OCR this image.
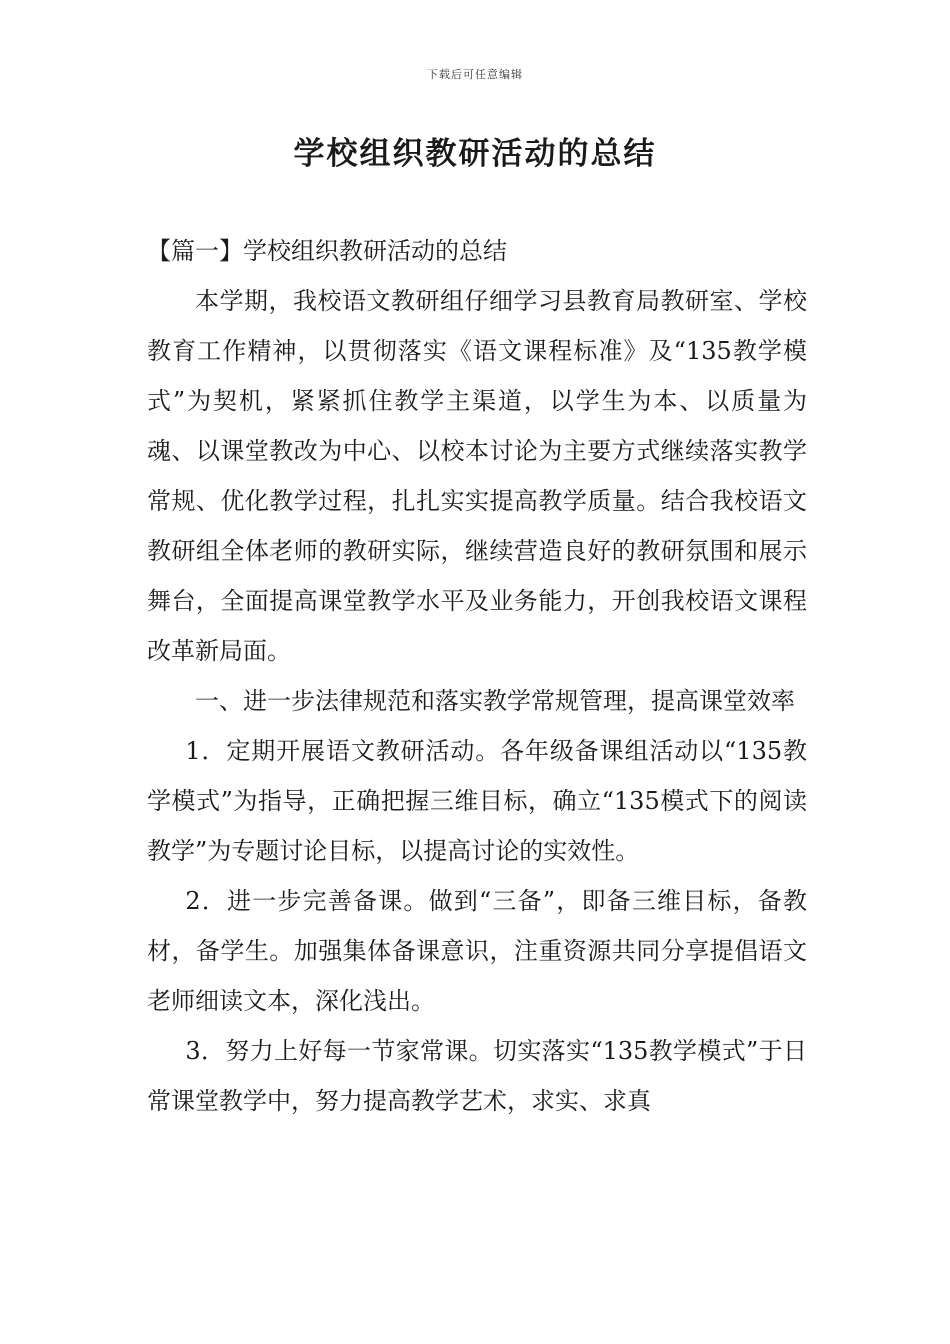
下载后可任意编辑
学校组织教研活动的总结

【篇一】学校组织教研活动的总结

本学期，我校语文教研组仔细学习县教育局教研室、学校教育工作精神，以贯彻落实《语文课程标准》及“135教学模式”为契机，紧紧抓住教学主渠道，以学生为本、以质量为魂、以课堂教改为中心、以校本讨论为主要方式继续落实教学常规、优化教学过程，扎扎实实提高教学质量。结合我校语文教研组全体老师的教研实际，继续营造良好的教研氛围和展示舞台，全面提高课堂教学水平及业务能力，开创我校语文课程改革新局面。

一、进一步法律规范和落实教学常规管理，提高课堂效率

1．定期开展语文教研活动。各年级备课组活动以“135教学模式”为指导，正确把握三维目标，确立“135模式下的阅读教学”为专题讨论目标，以提高讨论的实效性。

2．进一步完善备课。做到“三备”，即备三维目标，备教材，备学生。加强集体备课意识，注重资源共同分享提倡语文老师细读文本，深化浅出。

3．努力上好每一节家常课。切实落实“135教学模式”于日常课堂教学中，努力提高教学艺术，求实、求真
